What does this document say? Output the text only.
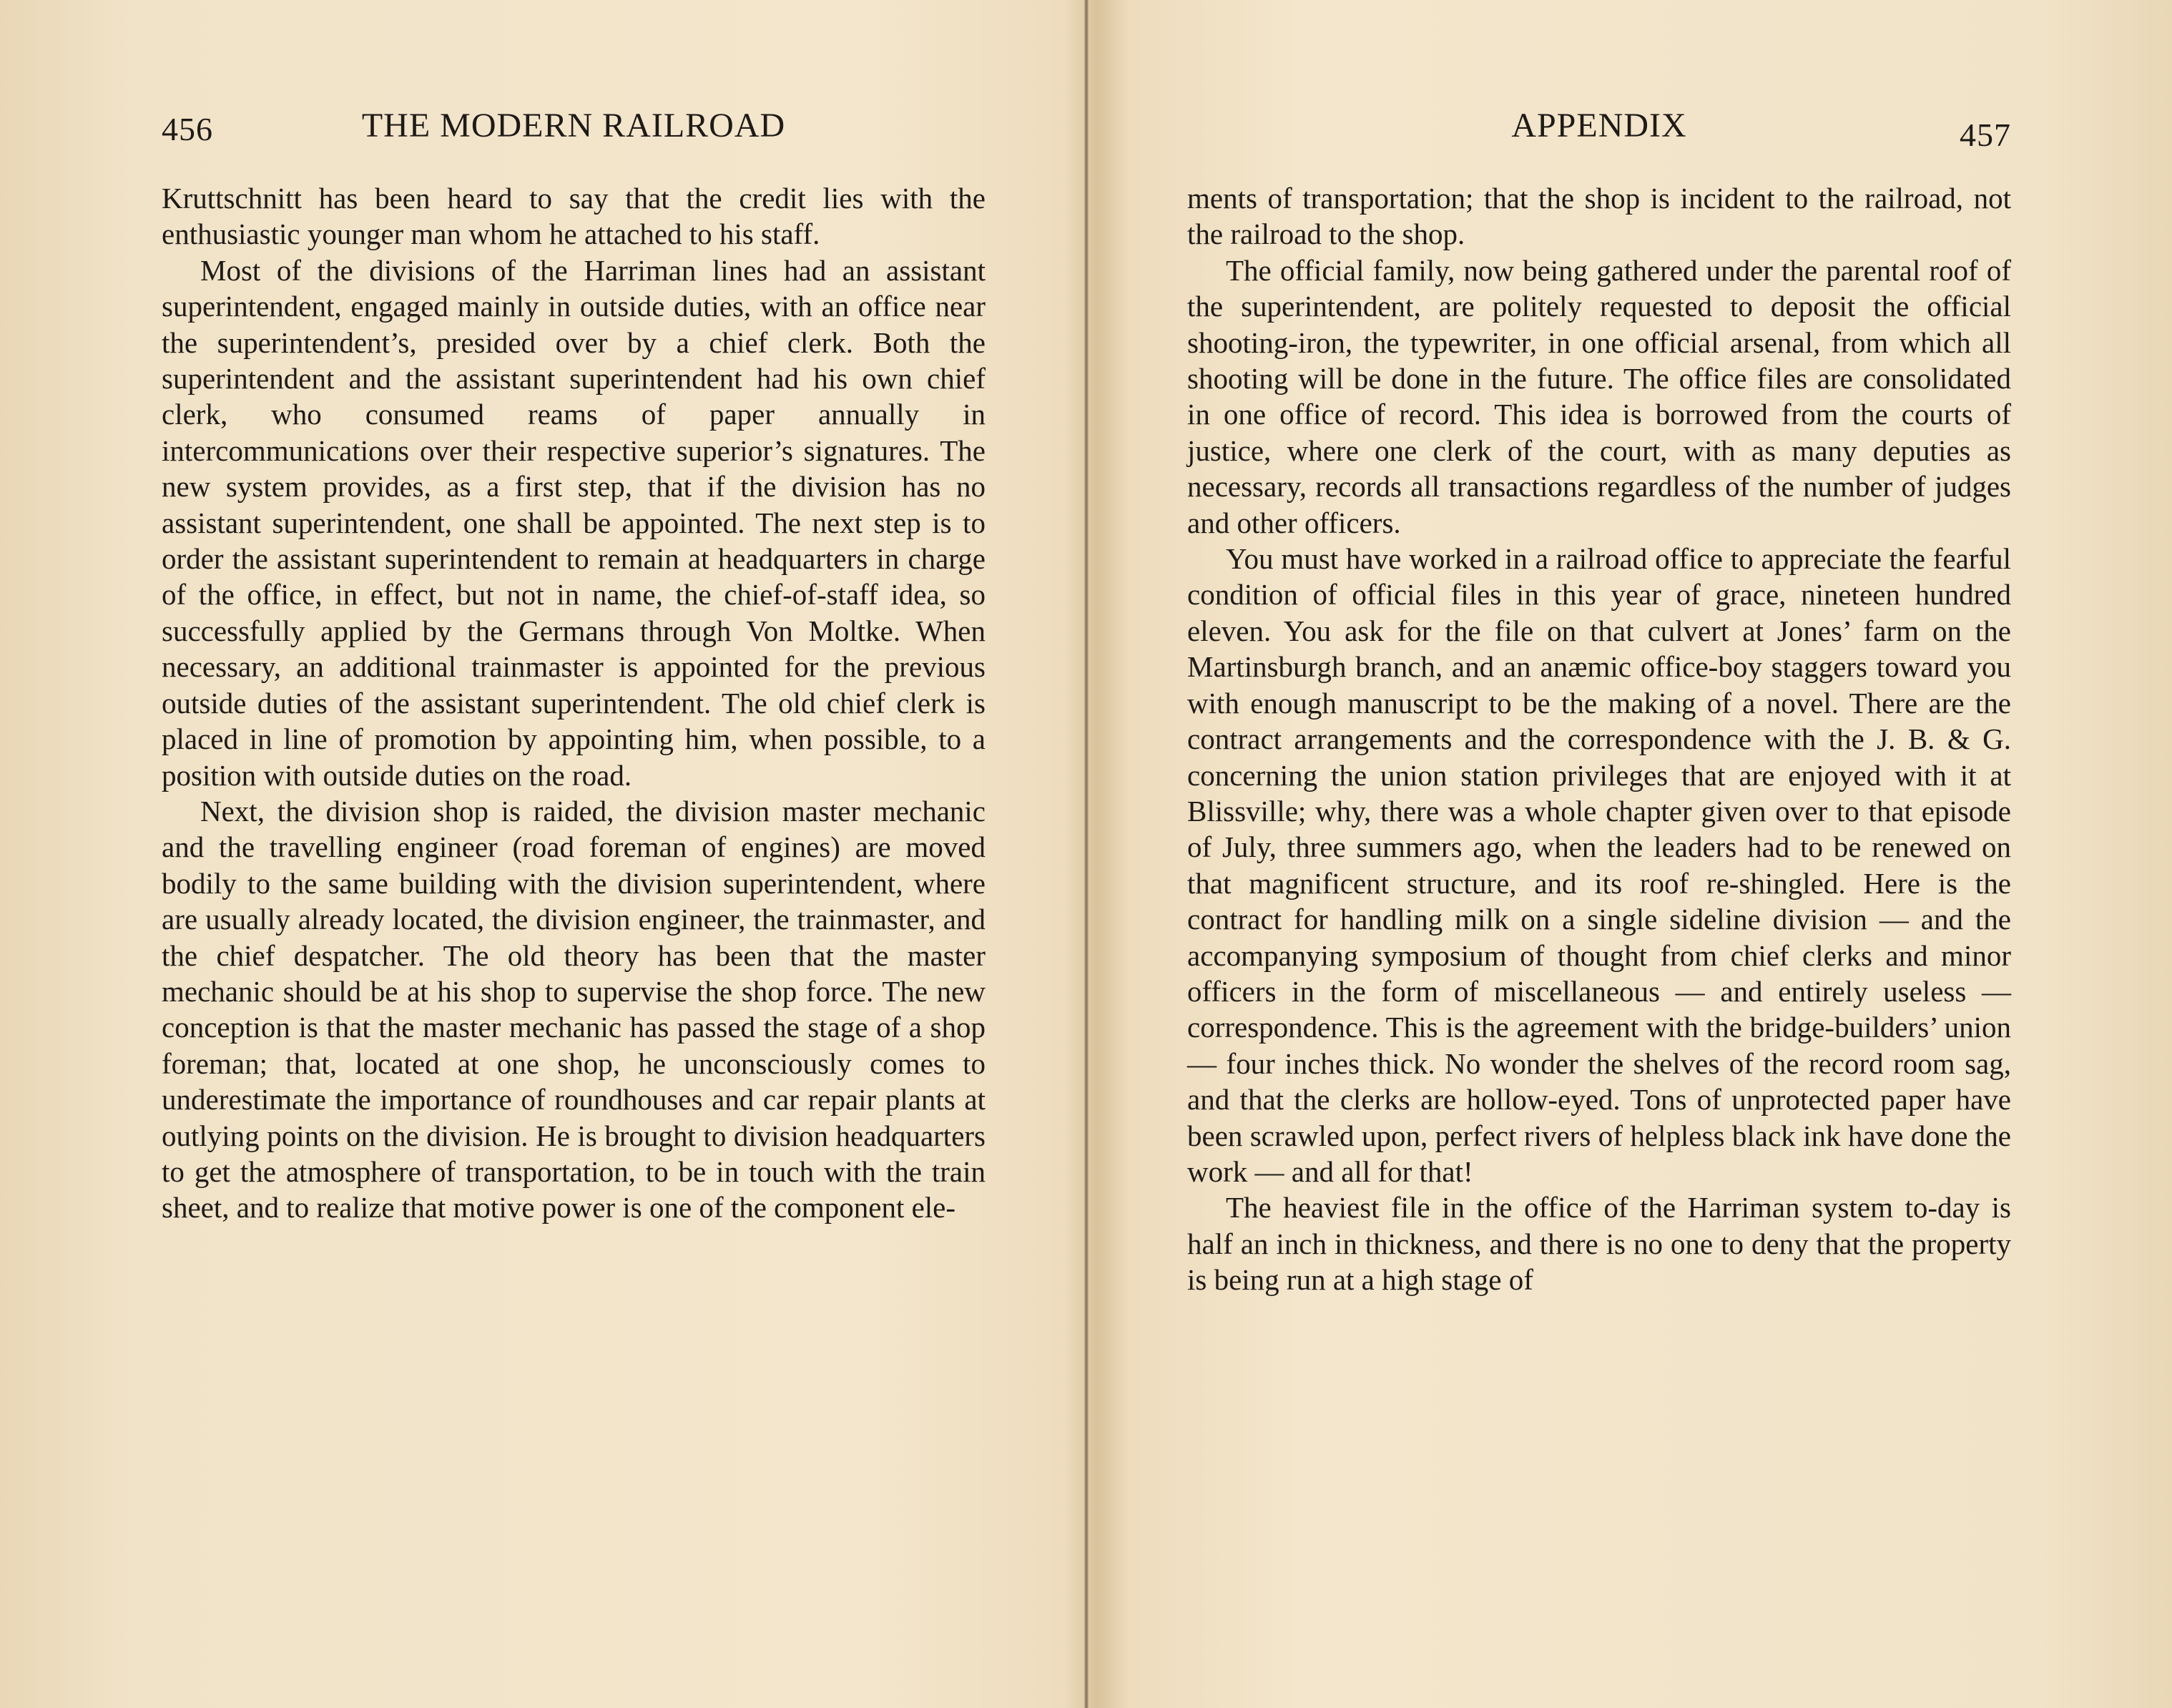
456	THE MODERN RAILROAD

Kruttschnitt has been heard to say that the credit lies with the enthusiastic younger man whom he attached to his staff.

Most of the divisions of the Harriman lines had an assistant superintendent, engaged mainly in outside duties, with an office near the superintendent’s, presided over by a chief clerk. Both the superintendent and the assistant superintendent had his own chief clerk, who consumed reams of paper annually in intercommunications over their respective superior’s signatures. The new system provides, as a first step, that if the division has no assistant superintendent, one shall be appointed. The next step is to order the assistant superintendent to remain at headquarters in charge of the office, in effect, but not in name, the chief-of-staff idea, so successfully applied by the Germans through Von Moltke. When necessary, an additional trainmaster is appointed for the previous outside duties of the assistant superintendent. The old chief clerk is placed in line of promotion by appointing him, when possible, to a position with outside duties on the road.

Next, the division shop is raided, the division master mechanic and the travelling engineer (road foreman of engines) are moved bodily to the same building with the division superintendent, where are usually already located, the division engineer, the trainmaster, and the chief despatcher. The old theory has been that the master mechanic should be at his shop to supervise the shop force. The new conception is that the master mechanic has passed the stage of a shop foreman; that, located at one shop, he unconsciously comes to underestimate the importance of roundhouses and car repair plants at outlying points on the division. He is brought to division headquarters to get the atmosphere of transportation, to be in touch with the train sheet, and to realize that motive power is one of the component ele-

APPENDIX	457

ments of transportation; that the shop is incident to the railroad, not the railroad to the shop.

The official family, now being gathered under the parental roof of the superintendent, are politely requested to deposit the official shooting-iron, the typewriter, in one official arsenal, from which all shooting will be done in the future. The office files are consolidated in one office of record. This idea is borrowed from the courts of justice, where one clerk of the court, with as many deputies as necessary, records all transactions regardless of the number of judges and other officers.

You must have worked in a railroad office to appreciate the fearful condition of official files in this year of grace, nineteen hundred eleven. You ask for the file on that culvert at Jones’ farm on the Martinsburgh branch, and an anæmic office-boy staggers toward you with enough manuscript to be the making of a novel. There are the contract arrangements and the correspondence with the J. B. & G. concerning the union station privileges that are enjoyed with it at Blissville; why, there was a whole chapter given over to that episode of July, three summers ago, when the leaders had to be renewed on that magnificent structure, and its roof re-shingled. Here is the contract for handling milk on a single sideline division — and the accompanying symposium of thought from chief clerks and minor officers in the form of miscellaneous — and entirely useless — correspondence. This is the agreement with the bridge-builders’ union — four inches thick. No wonder the shelves of the record room sag, and that the clerks are hollow-eyed. Tons of unprotected paper have been scrawled upon, perfect rivers of helpless black ink have done the work — and all for that!

The heaviest file in the office of the Harriman system to-day is half an inch in thickness, and there is no one to deny that the property is being run at a high stage of
